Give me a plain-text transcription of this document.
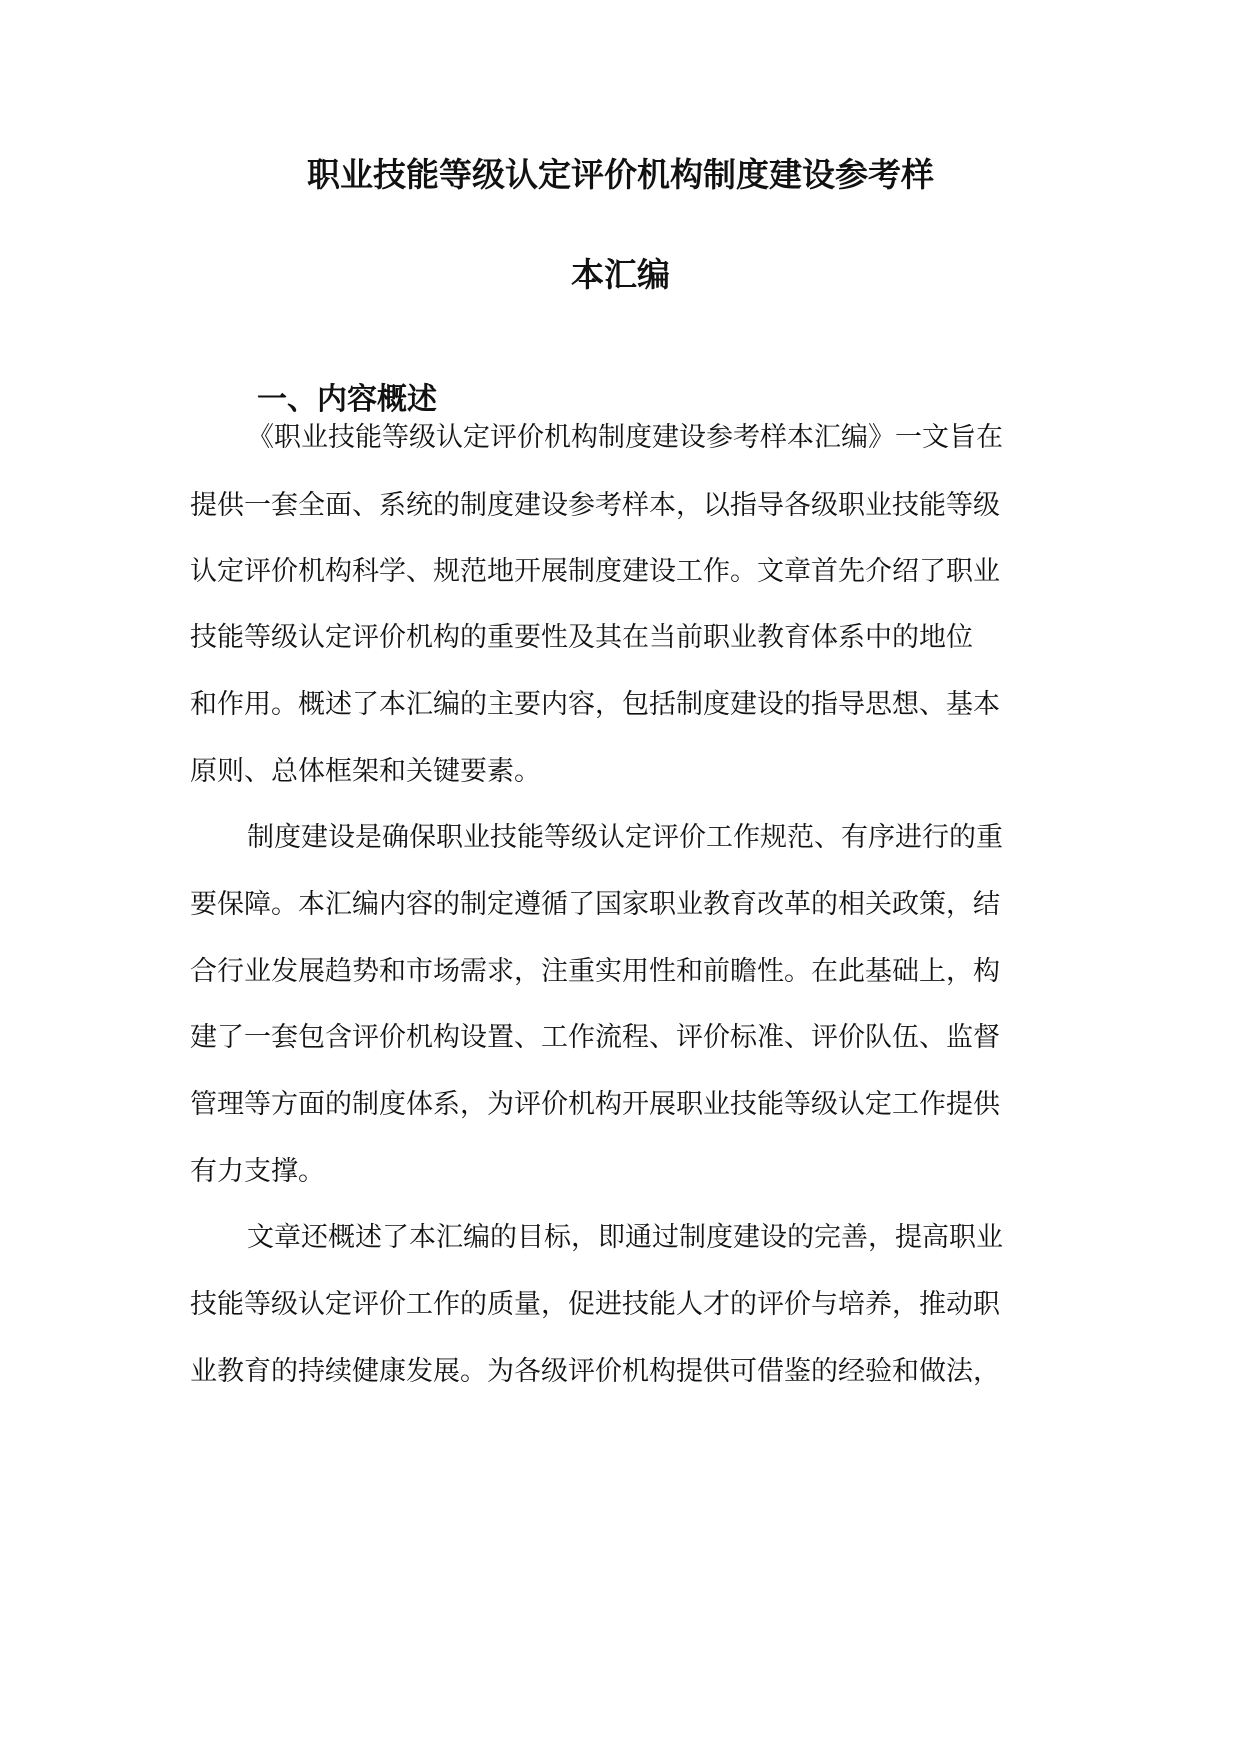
职业技能等级认定评价机构制度建设参考样
本汇编
一、内容概述

《职业技能等级认定评价机构制度建设参考样本汇编》一文旨在

提供一套全面、系统的制度建设参考样本，以指导各级职业技能等级

认定评价机构科学、规范地开展制度建设工作。文章首先介绍了职业

技能等级认定评价机构的重要性及其在当前职业教育体系中的地位

和作用。概述了本汇编的主要内容，包括制度建设的指导思想、基本

原则、总体框架和关键要素。

制度建设是确保职业技能等级认定评价工作规范、有序进行的重

要保障。本汇编内容的制定遵循了国家职业教育改革的相关政策，结

合行业发展趋势和市场需求，注重实用性和前瞻性。在此基础上，构

建了一套包含评价机构设置、工作流程、评价标准、评价队伍、监督

管理等方面的制度体系，为评价机构开展职业技能等级认定工作提供

有力支撑。

文章还概述了本汇编的目标，即通过制度建设的完善，提高职业

技能等级认定评价工作的质量，促进技能人才的评价与培养，推动职

业教育的持续健康发展。为各级评价机构提供可借鉴的经验和做法，
